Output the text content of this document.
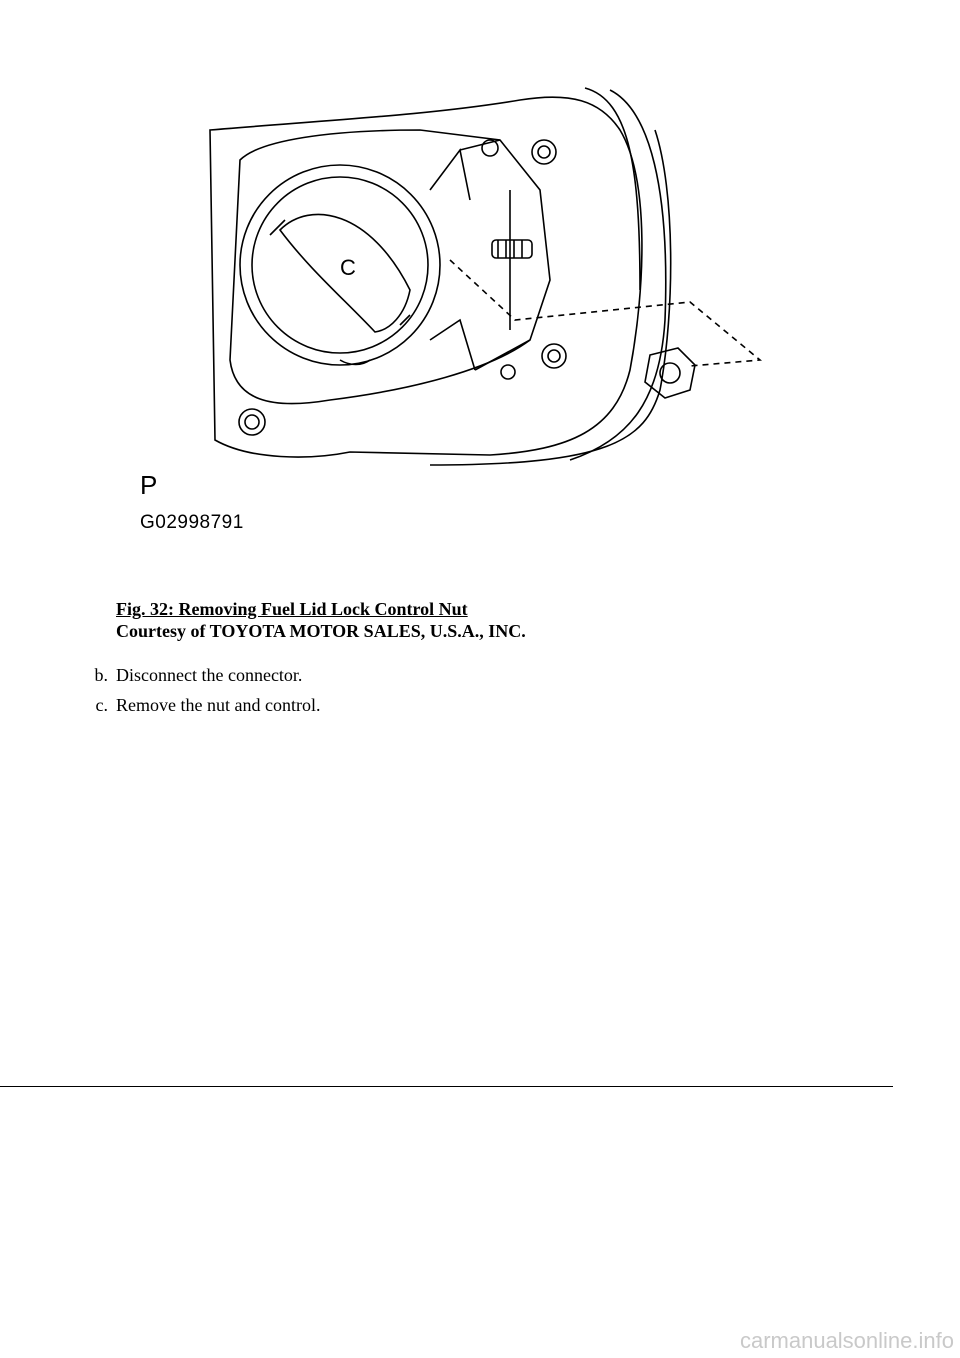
C
P
G02998791
Fig. 32: Removing Fuel Lid Lock Control Nut
Courtesy of TOYOTA MOTOR SALES, U.S.A., INC.
b. Disconnect the connector.
c. Remove the nut and control.
carmanualsonline.info
